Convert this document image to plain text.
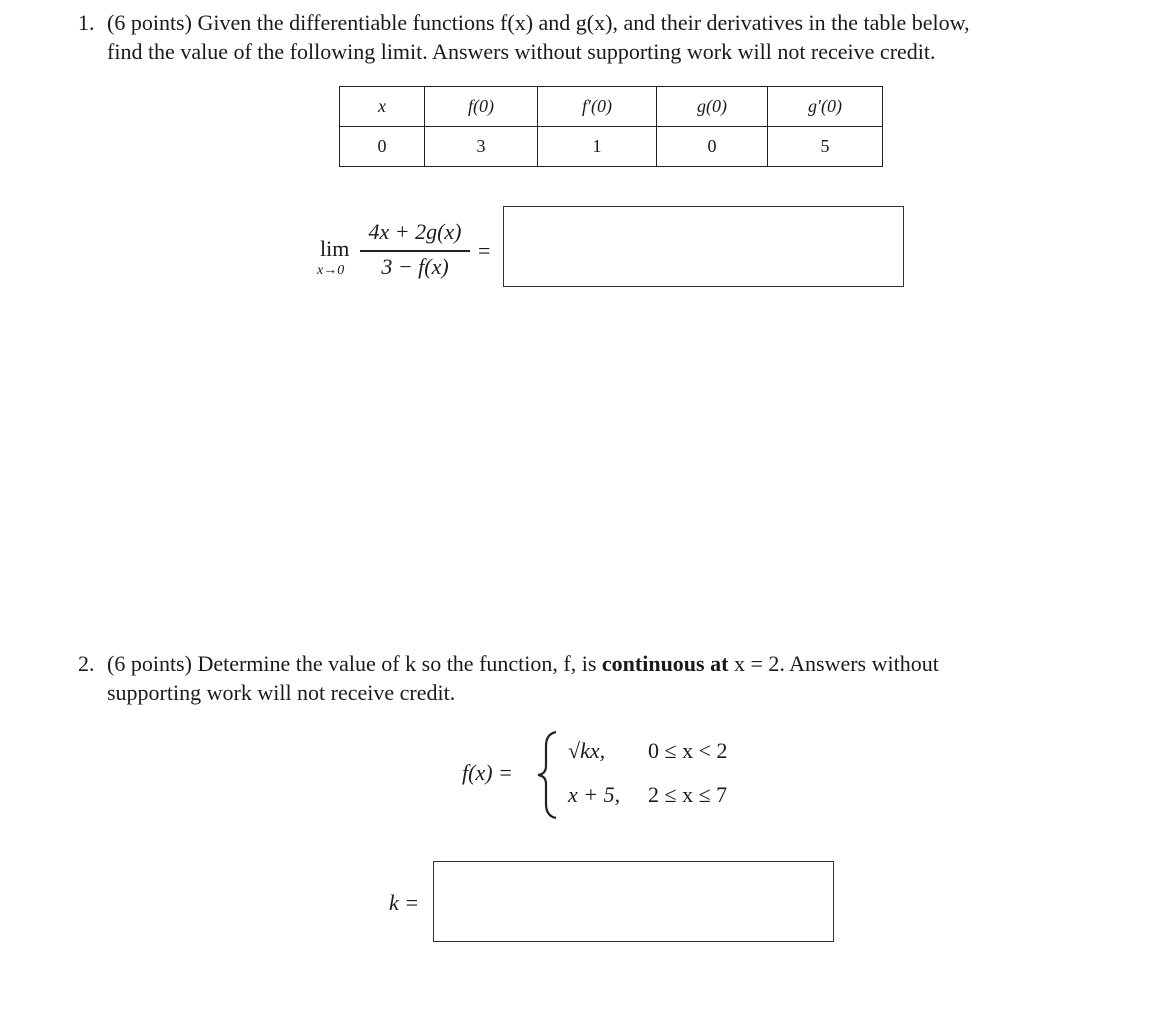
1. (6 points) Given the differentiable functions f(x) and g(x), and their derivatives in the table below,
find the value of the following limit. Answers without supporting work will not receive credit.
x	f(0)	f′(0)	g(0)	g′(0)
0	3	1	0	5
lim
x→0
4x + 2g(x)
3 − f(x)
=
2. (6 points) Determine the value of k so the function, f, is continuous at x = 2. Answers without
supporting work will not receive credit.
f(x) =
√kx, 0 ≤ x < 2
x + 5, 2 ≤ x ≤ 7
k =
